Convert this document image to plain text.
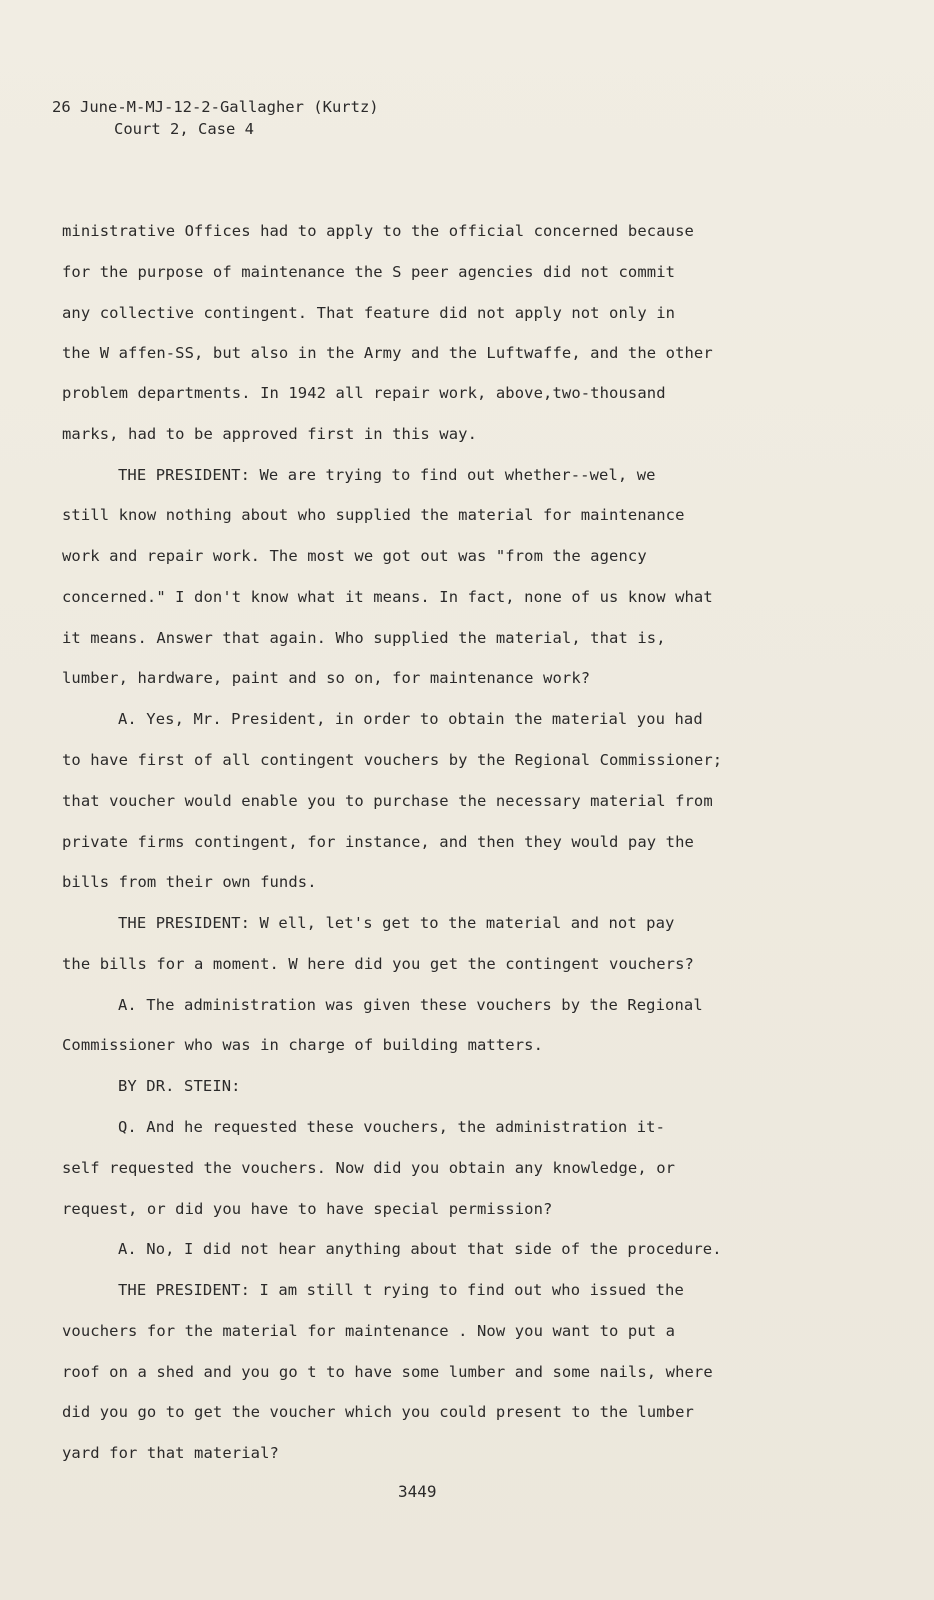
26 June-M-MJ-12-2-Gallagher (Kurtz)
Court 2, Case 4
ministrative Offices had to apply to the official concerned because
for the purpose of maintenance the S peer agencies did not commit
any collective contingent. That feature did not apply not only in
the W affen-SS, but also in the Army and the Luftwaffe, and the other
problem departments. In 1942 all repair work, above,two-thousand
marks, had to be approved first in this way.
THE PRESIDENT: We are trying to find out whether--wel, we
still know nothing about who supplied the material for maintenance
work and repair work. The most we got out was "from the agency
concerned." I don't know what it means. In fact, none of us know what
it means. Answer that again. Who supplied the material, that is,
lumber, hardware, paint and so on, for maintenance work?
A. Yes, Mr. President, in order to obtain the material you had
to have first of all contingent vouchers by the Regional Commissioner;
that voucher would enable you to purchase the necessary material from
private firms contingent, for instance, and then they would pay the
bills from their own funds.
THE PRESIDENT: W ell, let's get to the material and not pay
the bills for a moment. W here did you get the contingent vouchers?
A. The administration was given these vouchers by the Regional
Commissioner who was in charge of building matters.
BY DR. STEIN:
Q. And he requested these vouchers, the administration it-
self requested the vouchers. Now did you obtain any knowledge, or
request, or did you have to have special permission?
A. No, I did not hear anything about that side of the procedure.
THE PRESIDENT: I am still t rying to find out who issued the
vouchers for the material for maintenance . Now you want to put a
roof on a shed and you go t to have some lumber and some nails, where
did you go to get the voucher which you could present to the lumber
yard for that material?
3449
